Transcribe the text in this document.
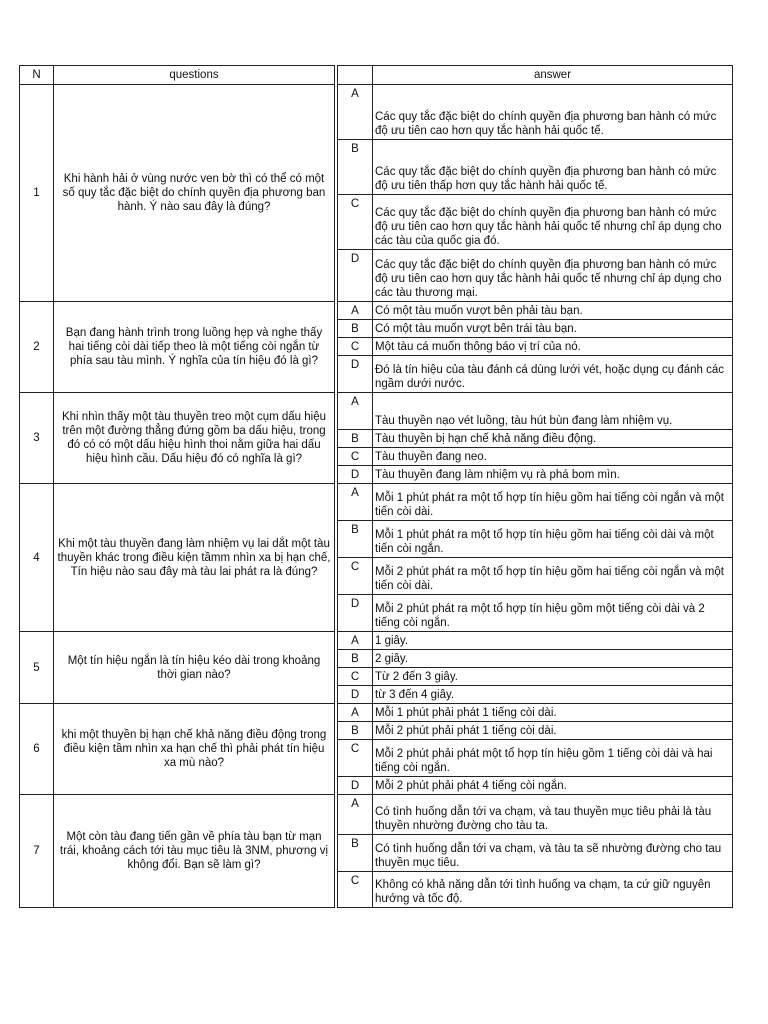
N	questions			answer
1	Khi hành hải ở vùng nước ven bờ thì có thể có một số quy tắc đặc biệt do chính quyền địa phương ban hành. Ý nào sau đây là đúng?		A	Các quy tắc đặc biệt do chính quyền địa phương ban hành có mức độ ưu tiên cao hơn quy tắc hành hải quốc tế.
			B	Các quy tắc đặc biệt do chính quyền địa phương ban hành có mức độ ưu tiên thấp hơn quy tắc hành hải quốc tế.
			C	Các quy tắc đặc biệt do chính quyền địa phương ban hành có mức độ ưu tiên cao hơn quy tắc hành hải quốc tế nhưng chỉ áp dụng cho các tàu của quốc gia đó.
			D	Các quy tắc đặc biệt do chính quyền địa phương ban hành có mức độ ưu tiên cao hơn quy tắc hành hải quốc tế nhưng chỉ áp dụng cho các tàu thương mại.
2	Bạn đang hành trình trong luồng hẹp và nghe thấy hai tiếng còi dài tiếp theo là một tiếng còi ngắn từ phía sau tàu mình. Ý nghĩa của tín hiệu đó là gì?		A	Có một tàu muốn vượt bên phải tàu bạn.
			B	Có một tàu muốn vượt bên trái tàu bạn.
			C	Một tàu cá muốn thông báo vị trí của nó.
			D	Đó là tín hiệu của tàu đánh cá dùng lưới vét, hoặc dụng cụ đánh các ngầm dưới nước.
3	Khi nhìn thấy một tàu thuyền treo một cụm dấu hiệu trên một đường thẳng đứng gồm ba dấu hiệu, trong đó có có một dấu hiệu hình thoi nằm giữa hai dấu hiệu hình cầu. Dấu hiệu đó có nghĩa là gì?		A	Tàu thuyền nạo vét luồng, tàu hút bùn đang làm nhiệm vụ.
			B	Tàu thuyền bị hạn chế khả năng điều động.
			C	Tàu thuyền đang neo.
			D	Tàu thuyền đang làm nhiệm vụ rà phá bom mìn.
4	Khi một tàu thuyền đang làm nhiệm vụ lai dắt một tàu thuyền khác trong điều kiện tầmm nhìn xa bị hạn chế, Tín hiệu nào sau đây mà tàu lai phát ra là đúng?		A	Mỗi 1 phút phát ra một tổ hợp tín hiệu gồm hai tiếng còi ngắn và một tiến còi dài.
			B	Mỗi 1 phút phát ra một tổ hợp tín hiệu gồm hai tiếng còi dài và một tiến còi ngắn.
			C	Mỗi 2 phút phát ra một tổ hợp tín hiệu gồm hai tiếng còi ngắn và một tiến còi dài.
			D	Mỗi 2 phút phát ra một tổ hợp tín hiệu gồm một tiếng còi dài và 2 tiếng còi ngắn.
5	Một tín hiệu ngắn là tín hiệu kéo dài trong khoảng thời gian nào?		A	1 giây.
			B	2 giây.
			C	Từ 2 đến 3 giây.
			D	từ 3 đến 4 giây.
6	khi một thuyền bị hạn chế khả năng điều động trong điều kiện tầm nhìn xa hạn chế thì phải phát tín hiệu xa mù nào?		A	Mỗi 1 phút phải phát 1 tiếng còi dài.
			B	Mỗi 2 phút phải phát 1 tiếng còi dài.
			C	Mỗi 2 phút phải phát một tổ hợp tín hiệu gồm 1 tiếng còi dài và hai tiếng còi ngắn.
			D	Mỗi 2 phút phải phát 4 tiếng còi ngắn.
7	Một còn tàu đang tiến gần về phía tàu bạn từ mạn trái, khoảng cách tới tàu mục tiêu là 3NM, phương vị không đổi. Bạn sẽ làm gì?		A	Có tình huống dẫn tới va chạm, và tau thuyền mục tiêu phải là tàu thuyền nhường đường cho tàu ta.
			B	Có tình huống dẫn tới va chạm, và tàu ta sẽ nhường đường cho tau thuyền mục tiêu.
			C	Không có khả năng dẫn tới tình huống va chạm, ta cứ giữ nguyên hướng và tốc độ.
